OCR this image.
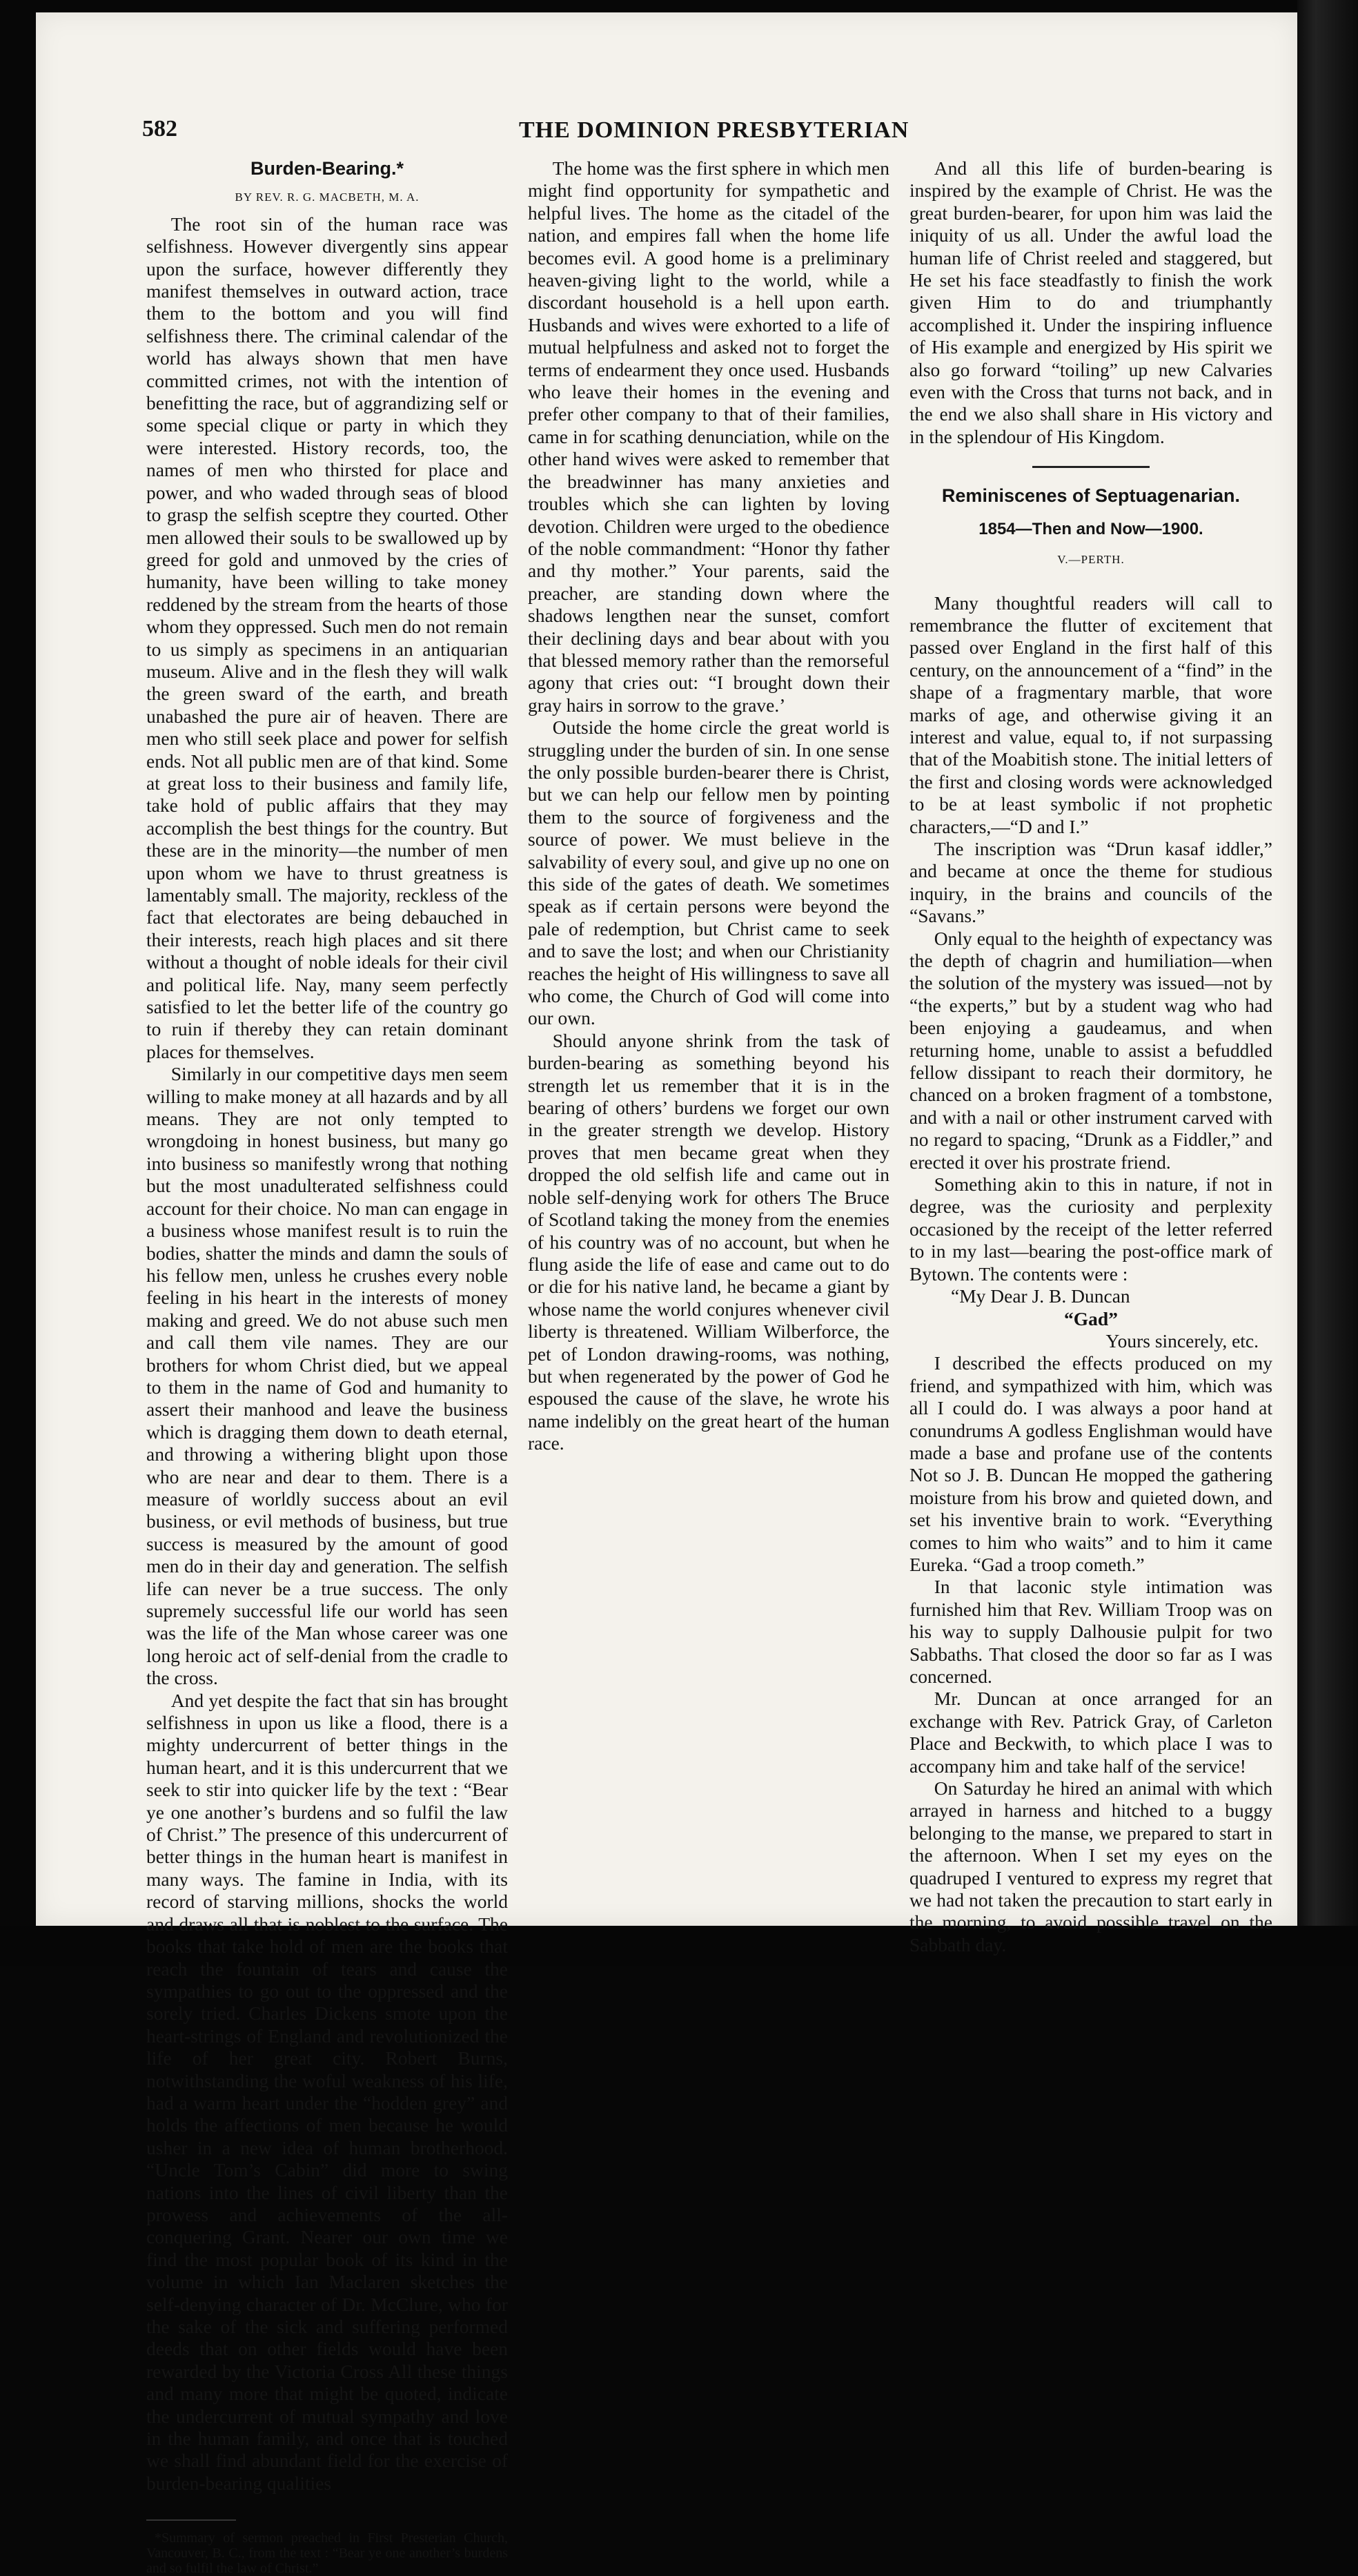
582	THE DOMINION PRESBYTERIAN
Burden-Bearing.*
BY REV. R. G. MACBETH, M. A.

The root sin of the human race was selfishness. However divergently sins appear upon the surface, however differently they manifest themselves in outward action, trace them to the bottom and you will find selfishness there. The criminal calendar of the world has always shown that men have committed crimes, not with the intention of benefitting the race, but of aggrandizing self or some special clique or party in which they were interested. History records, too, the names of men who thirsted for place and power, and who waded through seas of blood to grasp the selfish sceptre they courted. Other men allowed their souls to be swallowed up by greed for gold and unmoved by the cries of humanity, have been willing to take money reddened by the stream from the hearts of those whom they oppressed. Such men do not remain to us simply as specimens in an antiquarian museum. Alive and in the flesh they will walk the green sward of the earth, and breath unabashed the pure air of heaven. There are men who still seek place and power for selfish ends. Not all public men are of that kind. Some at great loss to their business and family life, take hold of public affairs that they may accomplish the best things for the country. But these are in the minority—the number of men upon whom we have to thrust greatness is lamentably small. The majority, reckless of the fact that electorates are being debauched in their interests, reach high places and sit there without a thought of noble ideals for their civil and political life. Nay, many seem perfectly satisfied to let the better life of the country go to ruin if thereby they can retain dominant places for themselves.

Similarly in our competitive days men seem willing to make money at all hazards and by all means. They are not only tempted to wrongdoing in honest business, but many go into business so manifestly wrong that nothing but the most unadulterated selfishness could account for their choice. No man can engage in a business whose manifest result is to ruin the bodies, shatter the minds and damn the souls of his fellow men, unless he crushes every noble feeling in his heart in the interests of money making and greed. We do not abuse such men and call them vile names. They are our brothers for whom Christ died, but we appeal to them in the name of God and humanity to assert their manhood and leave the business which is dragging them down to death eternal, and throwing a withering blight upon those who are near and dear to them. There is a measure of worldly success about an evil business, or evil methods of business, but true success is measured by the amount of good men do in their day and generation. The selfish life can never be a true success. The only supremely successful life our world has seen was the life of the Man whose career was one long heroic act of self-denial from the cradle to the cross.

And yet despite the fact that sin has brought selfishness in upon us like a flood, there is a mighty undercurrent of better things in the human heart, and it is this undercurrent that we seek to stir into quicker life by the text : “Bear ye one another’s burdens and so fulfil the law of Christ.” The presence of this undercurrent of better things in the human heart is manifest in many ways. The famine in India, with its record of starving millions, shocks the world and draws all that is noblest to the surface. The books that take hold of men are the books that reach the fountain of tears and cause the sympathies to go out to the oppressed and the sorely tried. Charles Dickens smote upon the heart-strings of England and revolutionized the life of her great city. Robert Burns, notwithstanding the woful weakness of his life, had a warm heart under the “hodden grey” and holds the affections of men because he would usher in a new idea of human brotherhood. “Uncle Tom’s Cabin” did more to swing nations into the lines of civil liberty than the prowess and achievements of the all-conquering Grant. Nearer our own time we find the most popular book of its kind in the volume in which Ian Maclaren sketches the self-denying character of Dr. McClure, who for the sake of the sick and suffering performed deeds that on other fields would have been rewarded by the Victoria Cross All these things and many more that might be quoted, indicate the undercurrent of mutual sympathy and love in the human family, and once that is touched we shall find abundant field for the exercise of burden-bearing qualities

*Summary of sermon preached in First Presterian Church, Vancouver, B. C., from the text : “Bear ye one another’s burdens and so fulfil the law of Christ.”

The home was the first sphere in which men might find opportunity for sympathetic and helpful lives. The home as the citadel of the nation, and empires fall when the home life becomes evil. A good home is a preliminary heaven-giving light to the world, while a discordant household is a hell upon earth. Husbands and wives were exhorted to a life of mutual helpfulness and asked not to forget the terms of endearment they once used. Husbands who leave their homes in the evening and prefer other company to that of their families, came in for scathing denunciation, while on the other hand wives were asked to remember that the breadwinner has many anxieties and troubles which she can lighten by loving devotion. Children were urged to the obedience of the noble commandment: “Honor thy father and thy mother.” Your parents, said the preacher, are standing down where the shadows lengthen near the sunset, comfort their declining days and bear about with you that blessed memory rather than the remorseful agony that cries out: “I brought down their gray hairs in sorrow to the grave.’

Outside the home circle the great world is struggling under the burden of sin. In one sense the only possible burden-bearer there is Christ, but we can help our fellow men by pointing them to the source of forgiveness and the source of power. We must believe in the salvability of every soul, and give up no one on this side of the gates of death. We sometimes speak as if certain persons were beyond the pale of redemption, but Christ came to seek and to save the lost; and when our Christianity reaches the height of His willingness to save all who come, the Church of God will come into our own.

Should anyone shrink from the task of burden-bearing as something beyond his strength let us remember that it is in the bearing of others’ burdens we forget our own in the greater strength we develop. History proves that men became great when they dropped the old selfish life and came out in noble self-denying work for others The Bruce of Scotland taking the money from the enemies of his country was of no account, but when he flung aside the life of ease and came out to do or die for his native land, he became a giant by whose name the world conjures whenever civil liberty is threatened. William Wilberforce, the pet of London drawing-rooms, was nothing, but when regenerated by the power of God he espoused the cause of the slave, he wrote his name indelibly on the great heart of the human race.

And all this life of burden-bearing is inspired by the example of Christ. He was the great burden-bearer, for upon him was laid the iniquity of us all. Under the awful load the human life of Christ reeled and staggered, but He set his face steadfastly to finish the work given Him to do and triumphantly accomplished it. Under the inspiring influence of His example and energized by His spirit we also go forward “toiling” up new Calvaries even with the Cross that turns not back, and in the end we also shall share in His victory and in the splendour of His Kingdom.

Reminiscenes of Septuagenarian.
1854—Then and Now—1900.
V.—PERTH.

Many thoughtful readers will call to remembrance the flutter of excitement that passed over England in the first half of this century, on the announcement of a “find” in the shape of a fragmentary marble, that wore marks of age, and otherwise giving it an interest and value, equal to, if not surpassing that of the Moabitish stone. The initial letters of the first and closing words were acknowledged to be at least symbolic if not prophetic characters,—“D and I.”

The inscription was “Drun kasaf iddler,” and became at once the theme for studious inquiry, in the brains and councils of the “Savans.”

Only equal to the heighth of expectancy was the depth of chagrin and humiliation—when the solution of the mystery was issued—not by “the experts,” but by a student wag who had been enjoying a gaudeamus, and when returning home, unable to assist a befuddled fellow dissipant to reach their dormitory, he chanced on a broken fragment of a tombstone, and with a nail or other instrument carved with no regard to spacing, “Drunk as a Fiddler,” and erected it over his prostrate friend.

Something akin to this in nature, if not in degree, was the curiosity and perplexity occasioned by the receipt of the letter referred to in my last—bearing the post-office mark of Bytown. The contents were :

“My Dear J. B. Duncan

“Gad”

Yours sincerely, etc.

I described the effects produced on my friend, and sympathized with him, which was all I could do. I was always a poor hand at conundrums A godless Englishman would have made a base and profane use of the contents Not so J. B. Duncan He mopped the gathering moisture from his brow and quieted down, and set his inventive brain to work. “Everything comes to him who waits” and to him it came Eureka. “Gad a troop cometh.”

In that laconic style intimation was furnished him that Rev. William Troop was on his way to supply Dalhousie pulpit for two Sabbaths. That closed the door so far as I was concerned.

Mr. Duncan at once arranged for an exchange with Rev. Patrick Gray, of Carleton Place and Beckwith, to which place I was to accompany him and take half of the service!

On Saturday he hired an animal with which arrayed in harness and hitched to a buggy belonging to the manse, we prepared to start in the afternoon. When I set my eyes on the quadruped I ventured to express my regret that we had not taken the precaution to start early in the morning, to avoid possible travel on the Sabbath day.
